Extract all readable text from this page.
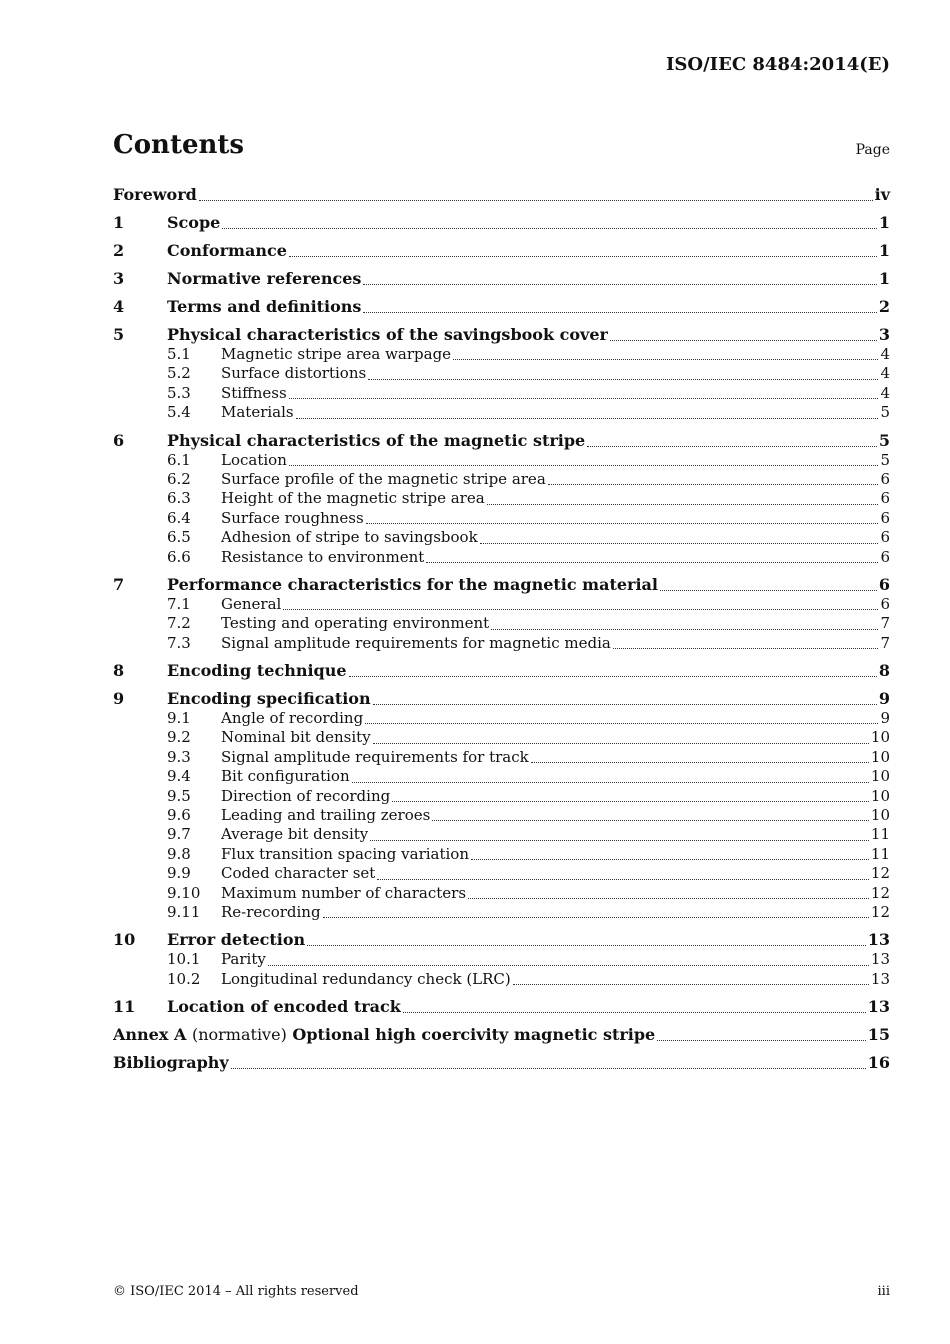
ISO/IEC 8484:2014(E)
Contents	Page
Foreword	iv
1	Scope	1
2	Conformance	1
3	Normative references	1
4	Terms and definitions	2
5	Physical characteristics of the savingsbook cover	3
5.1	Magnetic stripe area warpage	4
5.2	Surface distortions	4
5.3	Stiffness	4
5.4	Materials	5
6	Physical characteristics of the magnetic stripe	5
6.1	Location	5
6.2	Surface profile of the magnetic stripe area	6
6.3	Height of the magnetic stripe area	6
6.4	Surface roughness	6
6.5	Adhesion of stripe to savingsbook	6
6.6	Resistance to environment	6
7	Performance characteristics for the magnetic material	6
7.1	General	6
7.2	Testing and operating environment	7
7.3	Signal amplitude requirements for magnetic media	7
8	Encoding technique	8
9	Encoding specification	9
9.1	Angle of recording	9
9.2	Nominal bit density	10
9.3	Signal amplitude requirements for track	10
9.4	Bit configuration	10
9.5	Direction of recording	10
9.6	Leading and trailing zeroes	10
9.7	Average bit density	11
9.8	Flux transition spacing variation	11
9.9	Coded character set	12
9.10	Maximum number of characters	12
9.11	Re-recording	12
10	Error detection	13
10.1	Parity	13
10.2	Longitudinal redundancy check (LRC)	13
11	Location of encoded track	13
Annex A (normative) Optional high coercivity magnetic stripe	15
Bibliography	16
© ISO/IEC 2014 – All rights reserved	iii
